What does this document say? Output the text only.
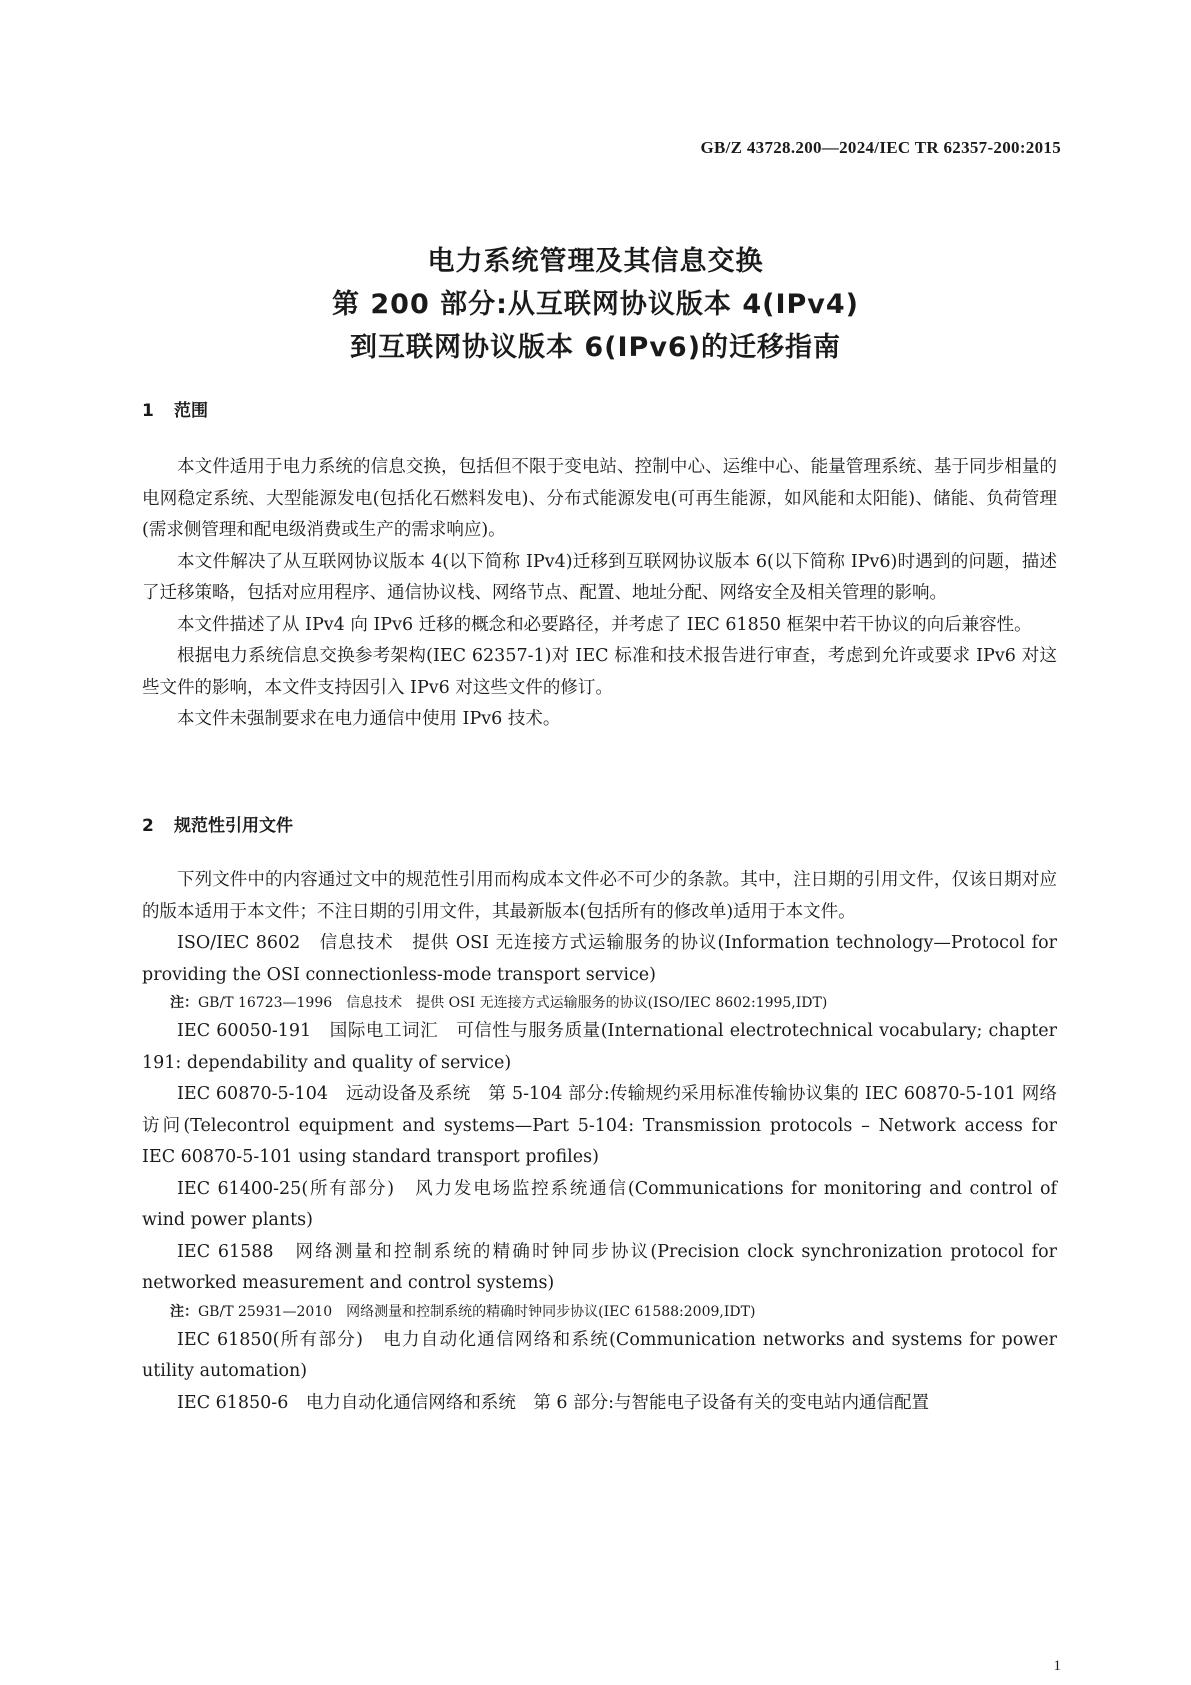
GB/Z 43728.200—2024/IEC TR 62357-200:2015
电力系统管理及其信息交换
第 200 部分:从互联网协议版本 4(IPv4)
到互联网协议版本 6(IPv6)的迁移指南
1 范围

本文件适用于电力系统的信息交换，包括但不限于变电站、控制中心、运维中心、能量管理系统、基于同步相量的电网稳定系统、大型能源发电(包括化石燃料发电)、分布式能源发电(可再生能源，如风能和太阳能)、储能、负荷管理(需求侧管理和配电级消费或生产的需求响应)。

本文件解决了从互联网协议版本 4(以下简称 IPv4)迁移到互联网协议版本 6(以下简称 IPv6)时遇到的问题，描述了迁移策略，包括对应用程序、通信协议栈、网络节点、配置、地址分配、网络安全及相关管理的影响。

本文件描述了从 IPv4 向 IPv6 迁移的概念和必要路径，并考虑了 IEC 61850 框架中若干协议的向后兼容性。

根据电力系统信息交换参考架构(IEC 62357-1)对 IEC 标准和技术报告进行审查，考虑到允许或要求 IPv6 对这些文件的影响，本文件支持因引入 IPv6 对这些文件的修订。

本文件未强制要求在电力通信中使用 IPv6 技术。

2 规范性引用文件

下列文件中的内容通过文中的规范性引用而构成本文件必不可少的条款。其中，注日期的引用文件，仅该日期对应的版本适用于本文件；不注日期的引用文件，其最新版本(包括所有的修改单)适用于本文件。

ISO/IEC 8602　信息技术　提供 OSI 无连接方式运输服务的协议(Information technology—Protocol for providing the OSI connectionless-mode transport service)

注：GB/T 16723—1996　信息技术　提供 OSI 无连接方式运输服务的协议(ISO/IEC 8602:1995,IDT)

IEC 60050-191　国际电工词汇　可信性与服务质量(International electrotechnical vocabulary; chapter 191: dependability and quality of service)

IEC 60870-5-104　远动设备及系统　第 5-104 部分:传输规约采用标准传输协议集的 IEC 60870-5-101 网络访问(Telecontrol equipment and systems—Part 5-104: Transmission protocols – Network access for IEC 60870-5-101 using standard transport profiles)

IEC 61400-25(所有部分)　风力发电场监控系统通信(Communications for monitoring and control of wind power plants)

IEC 61588　网络测量和控制系统的精确时钟同步协议(Precision clock synchronization protocol for networked measurement and control systems)

注：GB/T 25931—2010　网络测量和控制系统的精确时钟同步协议(IEC 61588:2009,IDT)

IEC 61850(所有部分)　电力自动化通信网络和系统(Communication networks and systems for power utility automation)

IEC 61850-6　电力自动化通信网络和系统　第 6 部分:与智能电子设备有关的变电站内通信配置

1
